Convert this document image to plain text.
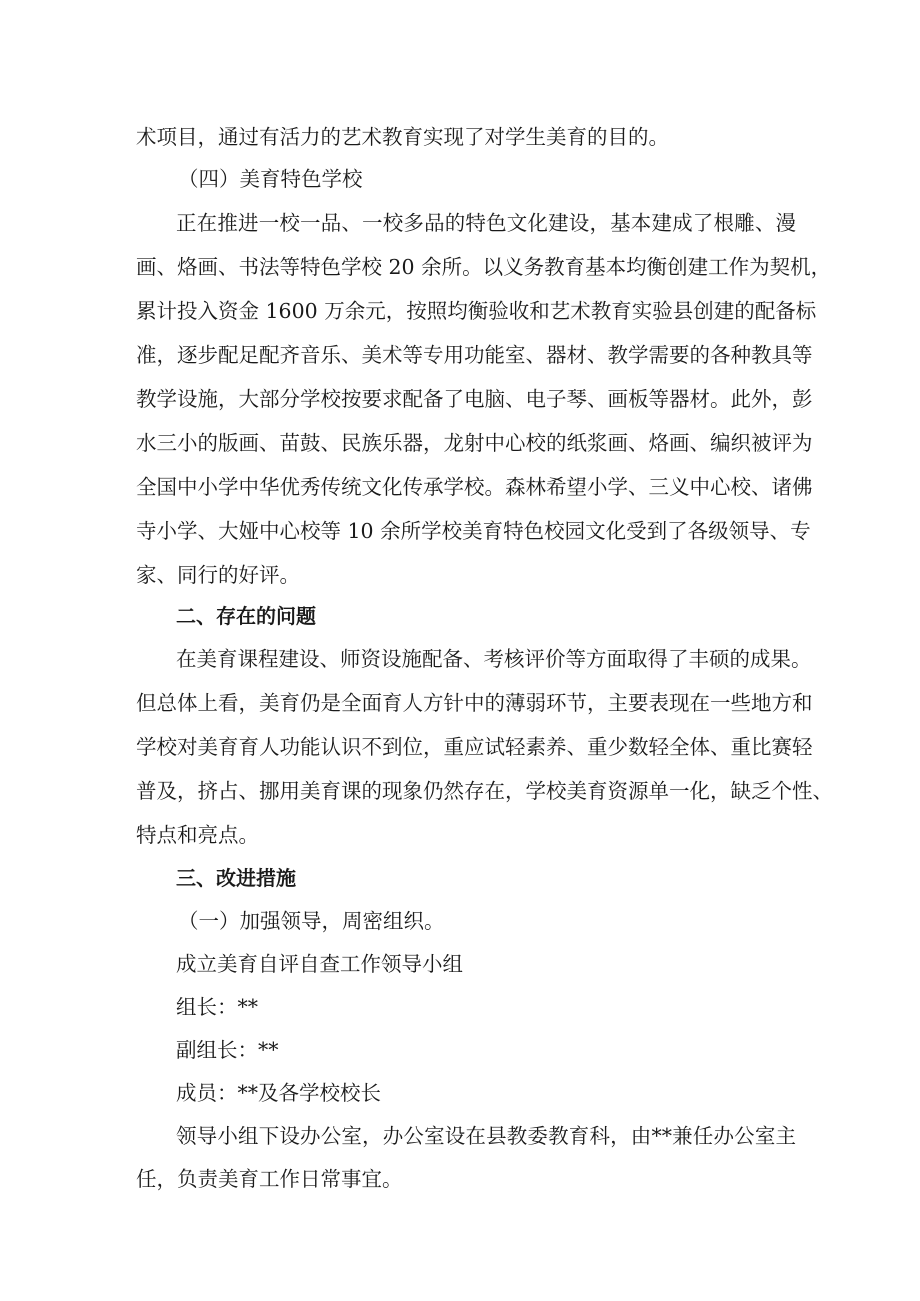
术项目，通过有活力的艺术教育实现了对学生美育的目的。
（四）美育特色学校
正在推进一校一品、一校多品的特色文化建设，基本建成了根雕、漫
画、烙画、书法等特色学校 20 余所。以义务教育基本均衡创建工作为契机，
累计投入资金 1600 万余元，按照均衡验收和艺术教育实验县创建的配备标
准，逐步配足配齐音乐、美术等专用功能室、器材、教学需要的各种教具等
教学设施，大部分学校按要求配备了电脑、电子琴、画板等器材。此外，彭
水三小的版画、苗鼓、民族乐器，龙射中心校的纸浆画、烙画、编织被评为
全国中小学中华优秀传统文化传承学校。森林希望小学、三义中心校、诸佛
寺小学、大娅中心校等 10 余所学校美育特色校园文化受到了各级领导、专
家、同行的好评。
二、存在的问题
在美育课程建设、师资设施配备、考核评价等方面取得了丰硕的成果。
但总体上看，美育仍是全面育人方针中的薄弱环节，主要表现在一些地方和
学校对美育育人功能认识不到位，重应试轻素养、重少数轻全体、重比赛轻
普及，挤占、挪用美育课的现象仍然存在，学校美育资源单一化，缺乏个性、
特点和亮点。
三、改进措施
（一）加强领导，周密组织。
成立美育自评自查工作领导小组
组长：**
副组长：**
成员：**及各学校校长
领导小组下设办公室，办公室设在县教委教育科，由**兼任办公室主
任，负责美育工作日常事宜。
